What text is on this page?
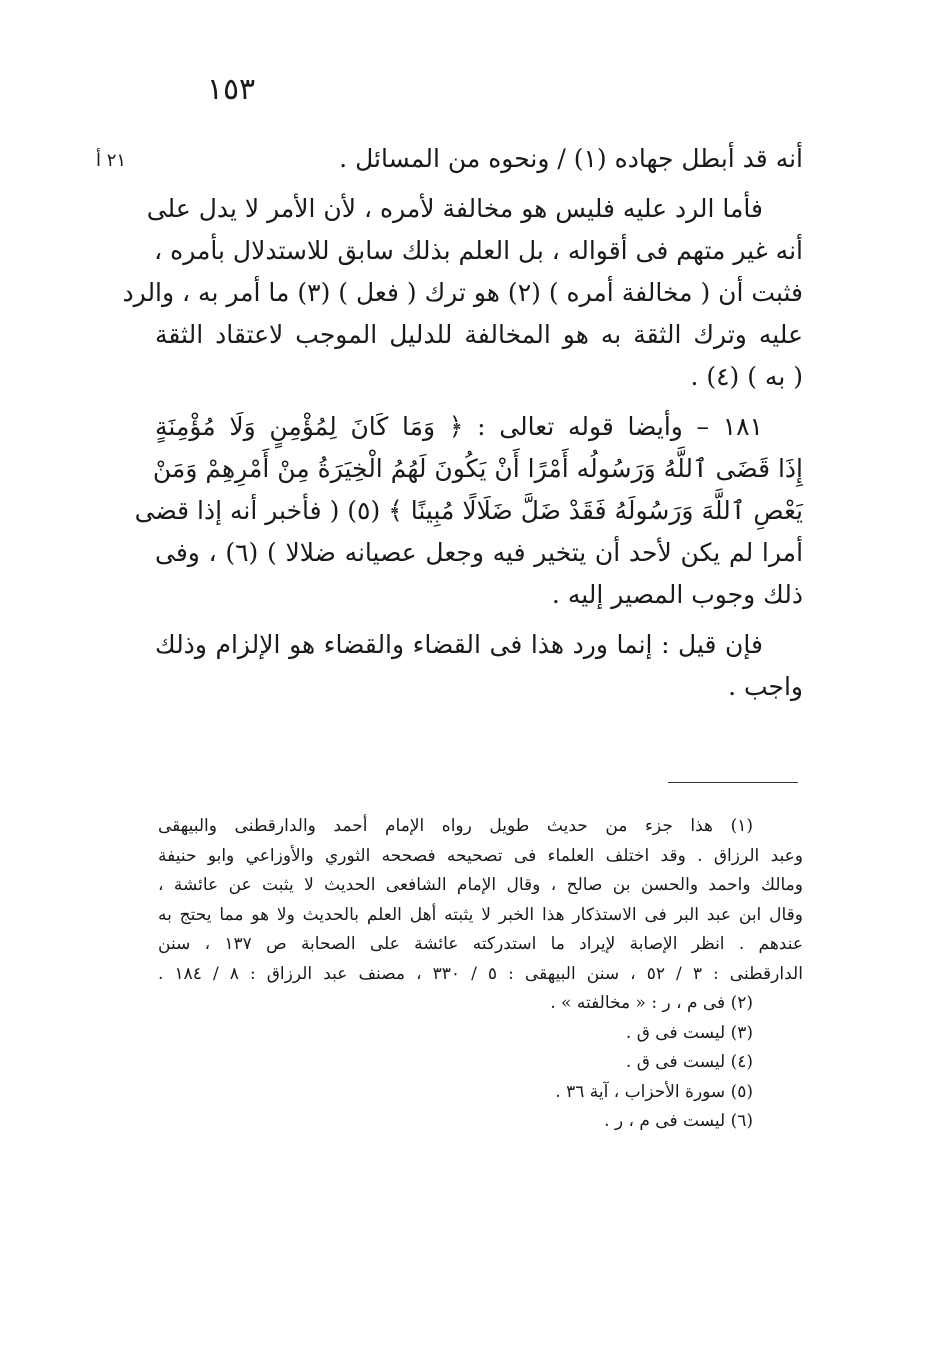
١٥٣
٢١ أ	أنه قد أبطل جهاده (١) / ونحوه من المسائل .
فأما الرد عليه فليس هو مخالفة لأمره ، لأن الأمر لا يدل على
أنه غير متهم فى أقواله ، بل العلم بذلك سابق للاستدلال بأمره ،
فثبت أن ( مخالفة أمره ) (٢) هو ترك ( فعل ) (٣) ما أمر به ، والرد
عليه وترك الثقة به هو المخالفة للدليل الموجب لاعتقاد الثقة
( به ) (٤) .
١٨١ – وأيضا قوله تعالى : ﴿ وَمَا كَانَ لِمُؤْمِنٍ وَلَا مُؤْمِنَةٍ
إِذَا قَضَى ٱللَّهُ وَرَسُولُه أَمْرًا أَنْ يَكُونَ لَهُمُ الْخِيَرَةُ مِنْ أَمْرِهِمْ وَمَنْ
يَعْصِ ٱللَّهَ وَرَسُولَهُ فَقَدْ ضَلَّ ضَلَالًا مُبِينًا ﴾ (٥) ( فأخبر أنه إذا قضى
أمرا لم يكن لأحد أن يتخير فيه وجعل عصيانه ضلالا ) (٦) ، وفى
ذلك وجوب المصير إليه .
فإن قيل : إنما ورد هذا فى القضاء والقضاء هو الإلزام وذلك
واجب .
(١) هذا جزء من حديث طويل رواه الإمام أحمد والدارقطنى والبيهقى
وعبد الرزاق . وقد اختلف العلماء فى تصحيحه فصححه الثوري والأوزاعي وابو حنيفة
ومالك واحمد والحسن بن صالح ، وقال الإمام الشافعى الحديث لا يثبت عن عائشة ،
وقال ابن عبد البر فى الاستذكار هذا الخبر لا يثبته أهل العلم بالحديث ولا هو مما يحتج به
عندهم . انظر الإصابة لإيراد ما استدركته عائشة على الصحابة ص ١٣٧ ، سنن
الدارقطنى : ٣ / ٥٢ ، سنن البيهقى : ٥ / ٣٣٠ ، مصنف عبد الرزاق : ٨ / ١٨٤ .
(٢) فى م ، ر : « مخالفته » .
(٣) ليست فى ق .
(٤) ليست فى ق .
(٥) سورة الأحزاب ، آية ٣٦ .
(٦) ليست فى م ، ر .
